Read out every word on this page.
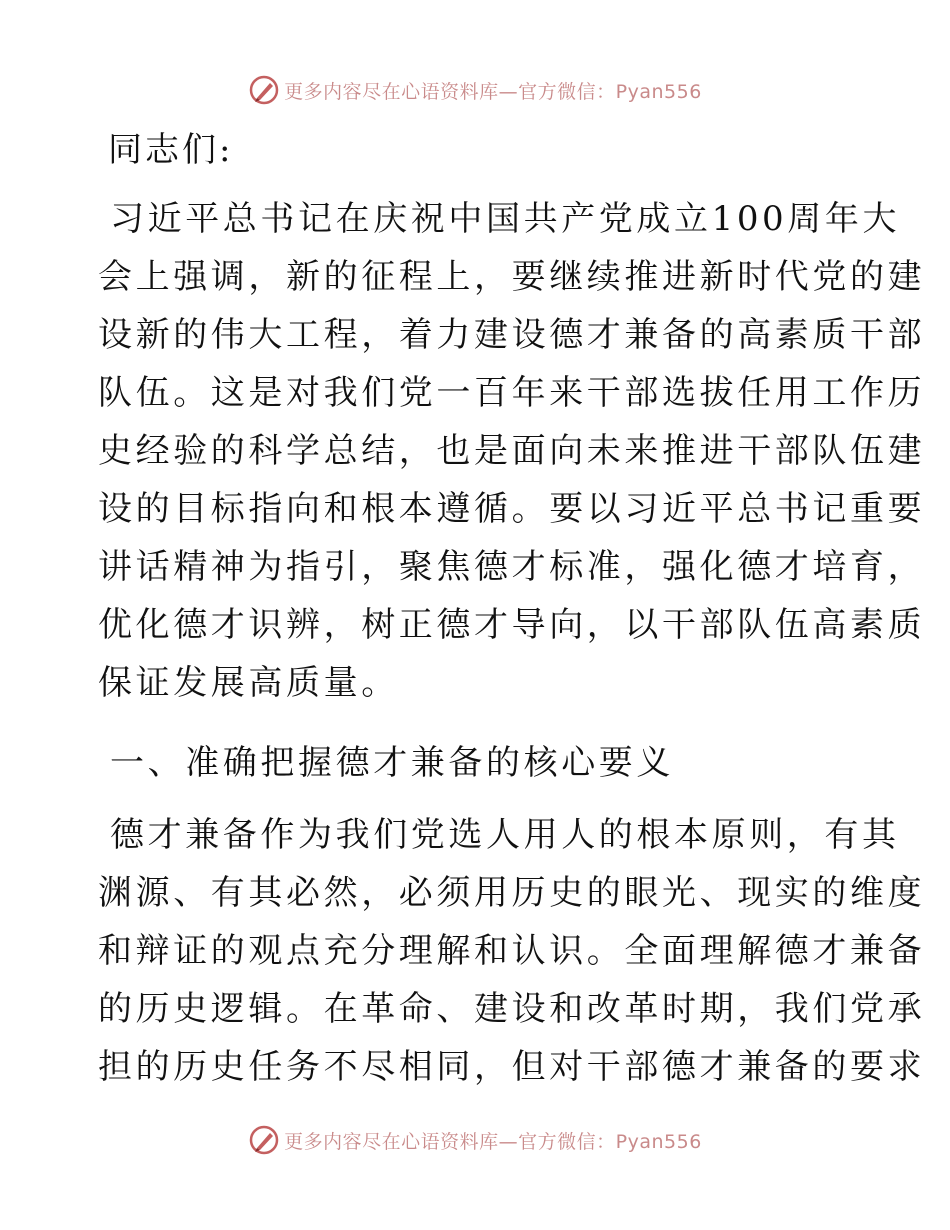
更多内容尽在心语资料库—官方微信：Pyan556
同志们:
习近平总书记在庆祝中国共产党成立100周年大
会上强调，新的征程上，要继续推进新时代党的建
设新的伟大工程，着力建设德才兼备的高素质干部
队伍。这是对我们党一百年来干部选拔任用工作历
史经验的科学总结，也是面向未来推进干部队伍建
设的目标指向和根本遵循。要以习近平总书记重要
讲话精神为指引，聚焦德才标准，强化德才培育，
优化德才识辨，树正德才导向，以干部队伍高素质
保证发展高质量。
一、准确把握德才兼备的核心要义
德才兼备作为我们党选人用人的根本原则，有其
渊源、有其必然，必须用历史的眼光、现实的维度
和辩证的观点充分理解和认识。全面理解德才兼备
的历史逻辑。在革命、建设和改革时期，我们党承
担的历史任务不尽相同，但对干部德才兼备的要求
更多内容尽在心语资料库—官方微信：Pyan556
